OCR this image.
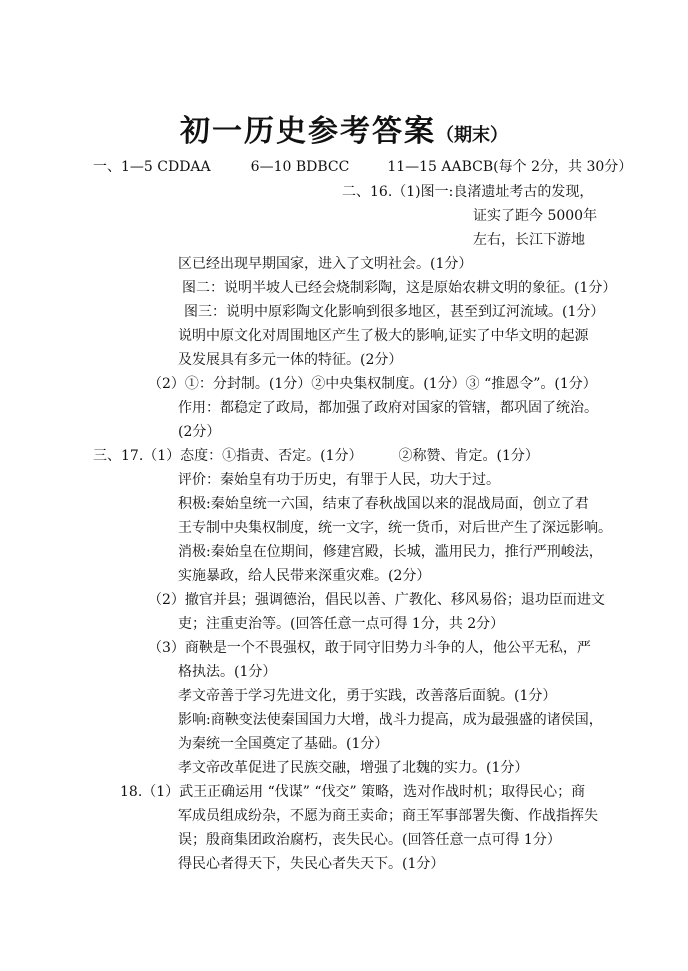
初一历史参考答案（期末）
一、1—5 CDDAA	6—10 BDBCC	11—15 AABCB(每个 2分，共 30分）
二、16.（1)图一:良渚遗址考古的发现，
证实了距今 5000年
左右，长江下游地
区已经出现早期国家，进入了文明社会。(1分）
图二：说明半坡人已经会烧制彩陶，这是原始农耕文明的象征。(1分）
图三：说明中原彩陶文化影响到很多地区，甚至到辽河流域。(1分）
说明中原文化对周围地区产生了极大的影响,证实了中华文明的起源
及发展具有多元一体的特征。(2分）
（2）①：分封制。(1分）②中央集权制度。(1分）③ “推恩令”。(1分）
作用：都稳定了政局，都加强了政府对国家的管辖，都巩固了统治。
(2分）
三、17.（1）态度：①指责、否定。(1分）	②称赞、肯定。(1分）
评价：秦始皇有功于历史，有罪于人民，功大于过。
积极:秦始皇统一六国，结束了春秋战国以来的混战局面，创立了君
王专制中央集权制度，统一文字，统一货币，对后世产生了深远影响。
消极:秦始皇在位期间，修建宫殿，长城，滥用民力，推行严刑峻法，
实施暴政，给人民带来深重灾难。(2分）
（2）撤官并县；强调德治，倡民以善、广教化、移风易俗；退功臣而进文
吏；注重吏治等。(回答任意一点可得 1分，共 2分）
（3）商鞅是一个不畏强权，敢于同守旧势力斗争的人，他公平无私，严
格执法。(1分）
孝文帝善于学习先进文化，勇于实践，改善落后面貌。(1分）
影响:商鞅变法使秦国国力大增，战斗力提高，成为最强盛的诸侯国，
为秦统一全国奠定了基础。(1分）
孝文帝改革促进了民族交融，增强了北魏的实力。(1分）
18.（1）武王正确运用 “伐谋” “伐交” 策略，选对作战时机；取得民心；商
军成员组成纷杂，不愿为商王卖命；商王军事部署失衡、作战指挥失
误；殷商集团政治腐朽，丧失民心。(回答任意一点可得 1分）
得民心者得天下，失民心者失天下。(1分）
